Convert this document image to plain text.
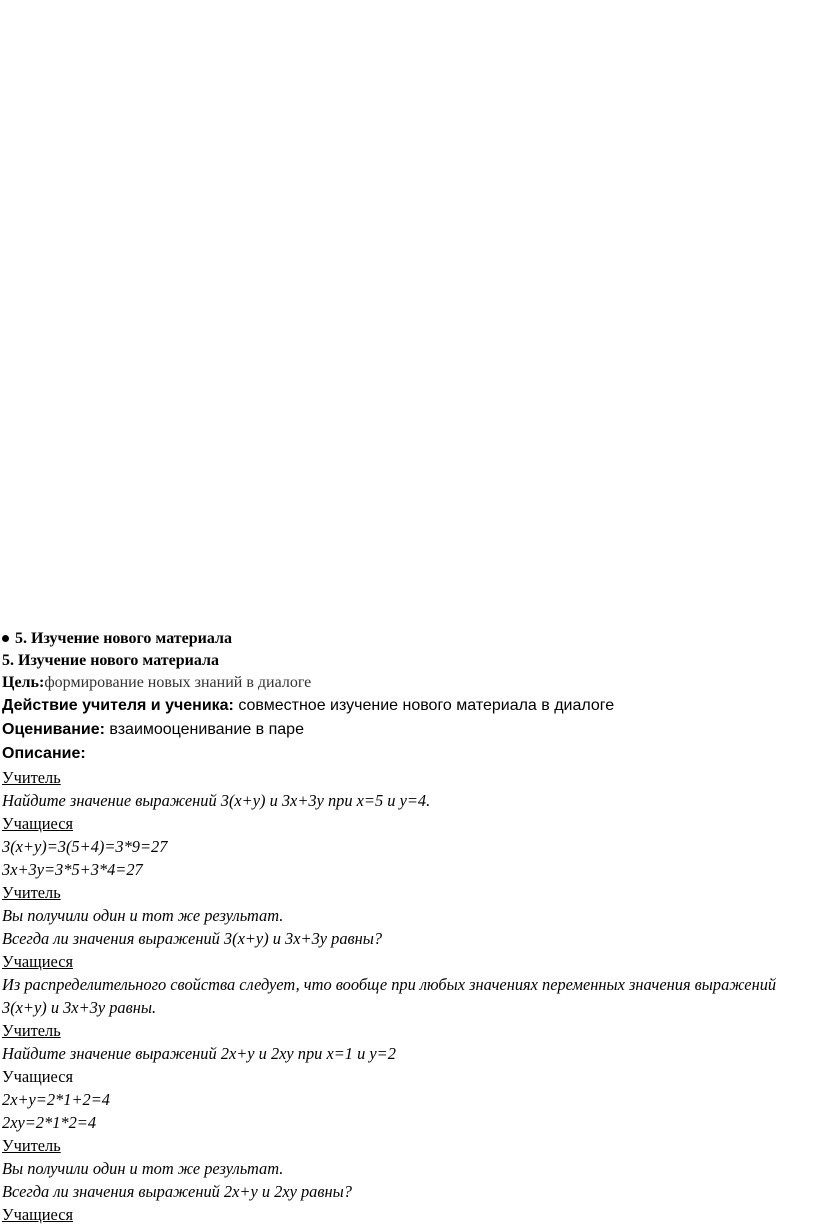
5. Изучение нового материала
5. Изучение нового материала
Цель:формирование новых знаний в диалоге
Действие учителя и ученика: совместное изучение нового материала в диалоге
Оценивание: взаимооценивание в паре
Описание:
Учитель
Найдите значение выражений 3(x+y) и 3x+3y при x=5 и y=4.
Учащиеся
3(x+y)=3(5+4)=3*9=27
3x+3y=3*5+3*4=27
Учитель
Вы получили один и тот же результат.
Всегда ли значения выражений 3(x+y) и 3x+3y равны?
Учащиеся
Из распределительного свойства следует, что вообще при любых значениях переменных значения выражений 3(x+y) и 3x+3y равны.
Учитель
Найдите значение выражений 2x+y и 2xy при x=1 и y=2
Учащиеся
2x+y=2*1+2=4
2xy=2*1*2=4
Учитель
Вы получили один и тот же результат.
Всегда ли значения выражений 2x+y и 2xy равны?
Учащиеся
